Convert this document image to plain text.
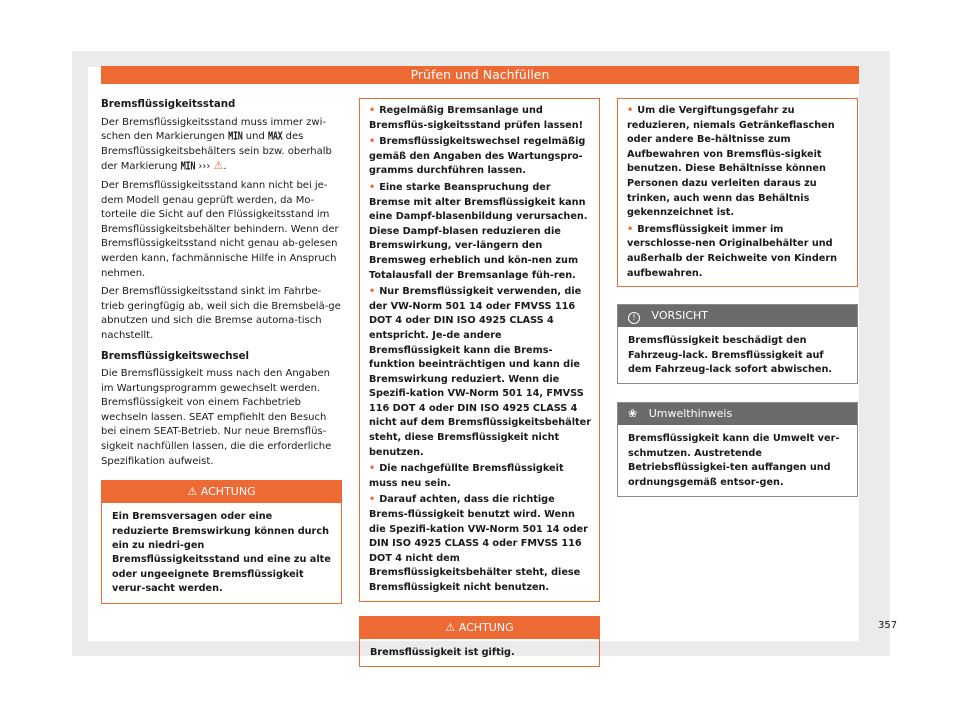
Prüfen und Nachfüllen
Bremsflüssigkeitsstand
Der Bremsflüssigkeitsstand muss immer zwi-schen den Markierungen MIN und MAX des Bremsflüssigkeitsbehälters sein bzw. oberhalb der Markierung MIN ››› ⚠.
Der Bremsflüssigkeitsstand kann nicht bei je-dem Modell genau geprüft werden, da Mo-torteile die Sicht auf den Flüssigkeitsstand im Bremsflüssigkeitsbehälter behindern. Wenn der Bremsflüssigkeitsstand nicht genau ab-gelesen werden kann, fachmännische Hilfe in Anspruch nehmen.
Der Bremsflüssigkeitsstand sinkt im Fahrbe-trieb geringfügig ab, weil sich die Bremsbelä-ge abnutzen und sich die Bremse automa-tisch nachstellt.
Bremsflüssigkeitswechsel
Die Bremsflüssigkeit muss nach den Angaben im Wartungsprogramm gewechselt werden. Bremsflüssigkeit von einem Fachbetrieb wechseln lassen. SEAT empfiehlt den Besuch bei einem SEAT-Betrieb. Nur neue Bremsflüs-sigkeit nachfüllen lassen, die die erforderliche Spezifikation aufweist.
⚠ ACHTUNG
Ein Bremsversagen oder eine reduzierte Bremswirkung können durch ein zu niedri-gen Bremsflüssigkeitsstand und eine zu alte oder ungeeignete Bremsflüssigkeit verur-sacht werden.
• Regelmäßig Bremsanlage und Bremsflüs-sigkeitsstand prüfen lassen!
• Bremsflüssigkeitswechsel regelmäßig gemäß den Angaben des Wartungspro-gramms durchführen lassen.
• Eine starke Beanspruchung der Bremse mit alter Bremsflüssigkeit kann eine Dampf-blasenbildung verursachen. Diese Dampf-blasen reduzieren die Bremswirkung, ver-längern den Bremsweg erheblich und kön-nen zum Totalausfall der Bremsanlage füh-ren.
• Nur Bremsflüssigkeit verwenden, die der VW-Norm 501 14 oder FMVSS 116 DOT 4 oder DIN ISO 4925 CLASS 4 entspricht. Je-de andere Bremsflüssigkeit kann die Brems-funktion beeinträchtigen und kann die Bremswirkung reduziert. Wenn die Spezifi-kation VW-Norm 501 14, FMVSS 116 DOT 4 oder DIN ISO 4925 CLASS 4 nicht auf dem Bremsflüssigkeitsbehälter steht, diese Bremsflüssigkeit nicht benutzen.
• Die nachgefüllte Bremsflüssigkeit muss neu sein.
• Darauf achten, dass die richtige Brems-flüssigkeit benutzt wird. Wenn die Spezifi-kation VW-Norm 501 14 oder DIN ISO 4925 CLASS 4 oder FMVSS 116 DOT 4 nicht dem Bremsflüssigkeitsbehälter steht, diese Bremsflüssigkeit nicht benutzen.
⚠ ACHTUNG
Bremsflüssigkeit ist giftig.
• Um die Vergiftungsgefahr zu reduzieren, niemals Getränkeflaschen oder andere Be-hältnisse zum Aufbewahren von Bremsflüs-sigkeit benutzen. Diese Behältnisse können Personen dazu verleiten daraus zu trinken, auch wenn das Behältnis gekennzeichnet ist.
• Bremsflüssigkeit immer im verschlosse-nen Originalbehälter und außerhalb der Reichweite von Kindern aufbewahren.
! VORSICHT
Bremsflüssigkeit beschädigt den Fahrzeug-lack. Bremsflüssigkeit auf dem Fahrzeug-lack sofort abwischen.
❀ Umwelthinweis
Bremsflüssigkeit kann die Umwelt ver-schmutzen. Austretende Betriebsflüssigkei-ten auffangen und ordnungsgemäß entsor-gen.
357
